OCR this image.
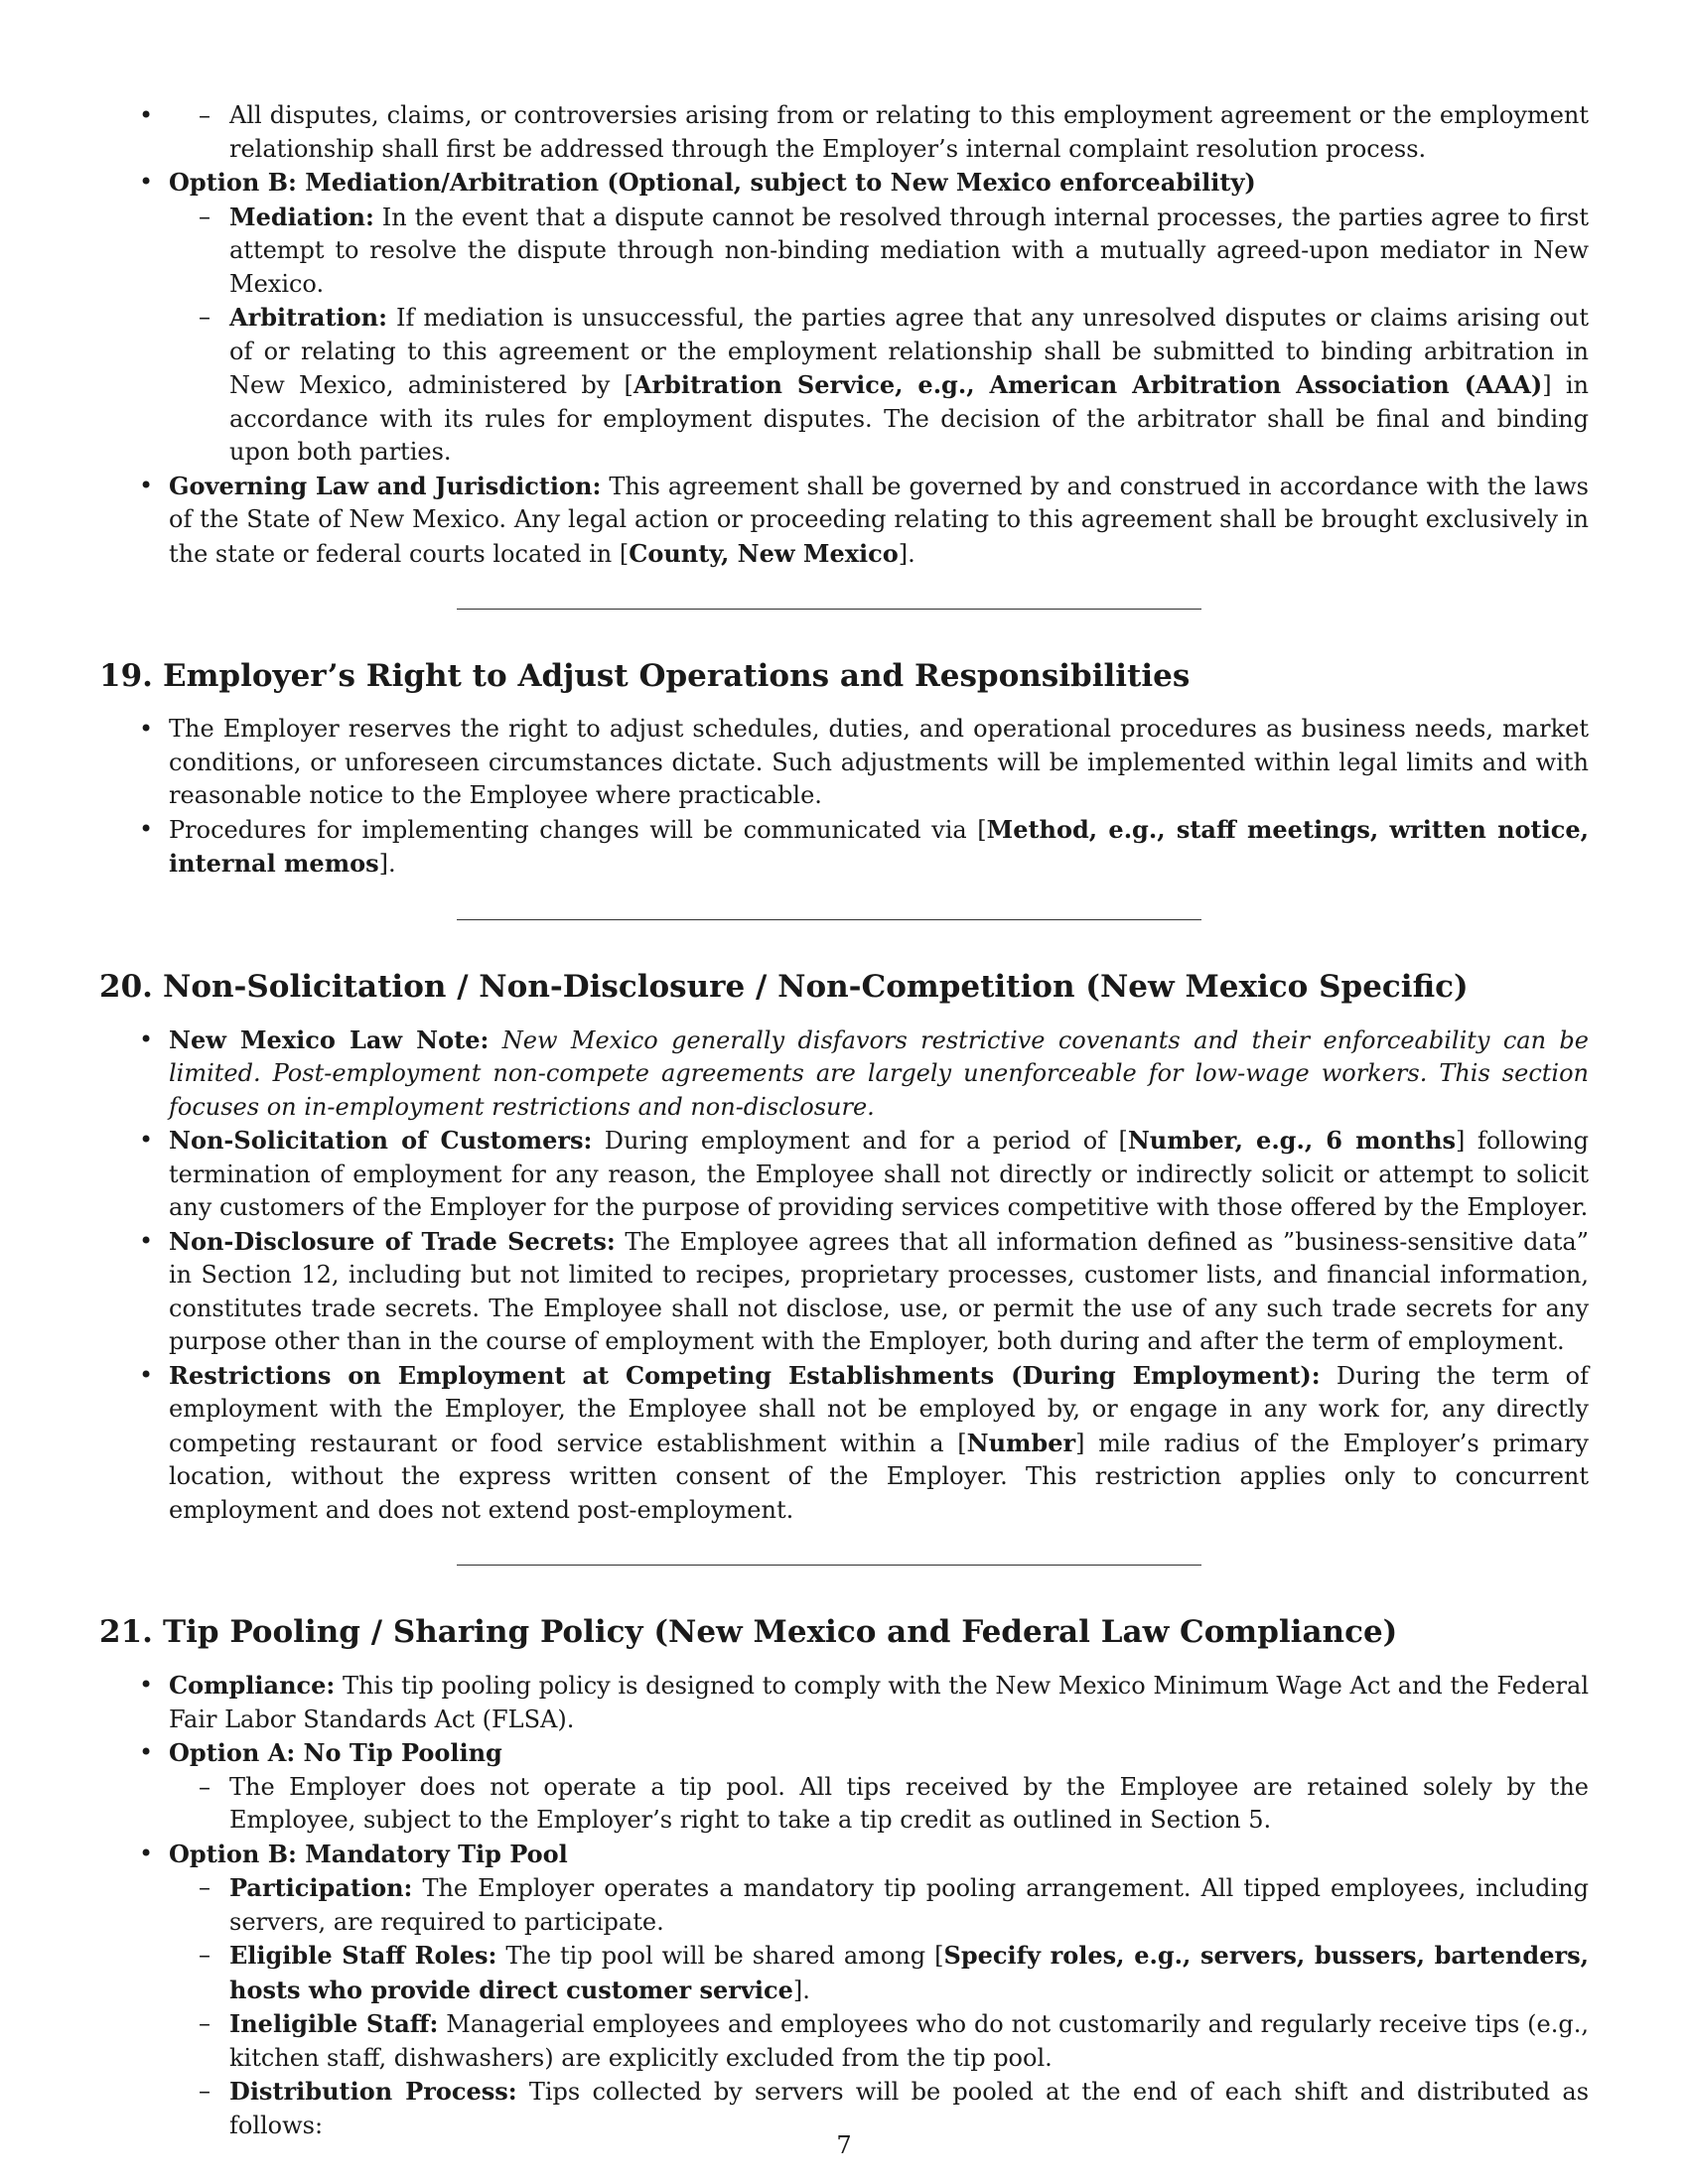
– • All disputes, claims, or controversies arising from or relating to this employment agreement or the employment relationship shall first be addressed through the Employer’s internal complaint resolution process.
• Option B: Mediation/Arbitration (Optional, subject to New Mexico enforceability)
– Mediation: In the event that a dispute cannot be resolved through internal processes, the parties agree to first attempt to resolve the dispute through non-binding mediation with a mutually agreed-upon mediator in New Mexico.
– Arbitration: If mediation is unsuccessful, the parties agree that any unresolved disputes or claims arising out of or relating to this agreement or the employment relationship shall be submitted to binding arbitration in New Mexico, administered by [Arbitration Service, e.g., American Arbitration Association (AAA)] in accordance with its rules for employment disputes. The decision of the arbitrator shall be final and binding upon both parties.
• Governing Law and Jurisdiction: This agreement shall be governed by and construed in accordance with the laws of the State of New Mexico. Any legal action or proceeding relating to this agreement shall be brought exclusively in the state or federal courts located in [County, New Mexico].
19. Employer’s Right to Adjust Operations and Responsibilities
• The Employer reserves the right to adjust schedules, duties, and operational procedures as business needs, market conditions, or unforeseen circumstances dictate. Such adjustments will be implemented within legal limits and with reasonable notice to the Employee where practicable.
• Procedures for implementing changes will be communicated via [Method, e.g., staff meetings, written notice, internal memos].
20. Non-Solicitation / Non-Disclosure / Non-Competition (New Mexico Specific)
• New Mexico Law Note: New Mexico generally disfavors restrictive covenants and their enforceability can be limited. Post-employment non-compete agreements are largely unenforceable for low-wage workers. This section focuses on in-employment restrictions and non-disclosure.
• Non-Solicitation of Customers: During employment and for a period of [Number, e.g., 6 months] following termination of employment for any reason, the Employee shall not directly or indirectly solicit or attempt to solicit any customers of the Employer for the purpose of providing services competitive with those offered by the Employer.
• Non-Disclosure of Trade Secrets: The Employee agrees that all information defined as ”business-sensitive data” in Section 12, including but not limited to recipes, proprietary processes, customer lists, and financial information, constitutes trade secrets. The Employee shall not disclose, use, or permit the use of any such trade secrets for any purpose other than in the course of employment with the Employer, both during and after the term of employment.
• Restrictions on Employment at Competing Establishments (During Employment): During the term of employment with the Employer, the Employee shall not be employed by, or engage in any work for, any directly competing restaurant or food service establishment within a [Number] mile radius of the Employer’s primary location, without the express written consent of the Employer. This restriction applies only to concurrent employment and does not extend post-employment.
21. Tip Pooling / Sharing Policy (New Mexico and Federal Law Compliance)
• Compliance: This tip pooling policy is designed to comply with the New Mexico Minimum Wage Act and the Federal Fair Labor Standards Act (FLSA).
• Option A: No Tip Pooling
– The Employer does not operate a tip pool. All tips received by the Employee are retained solely by the Employee, subject to the Employer’s right to take a tip credit as outlined in Section 5.
• Option B: Mandatory Tip Pool
– Participation: The Employer operates a mandatory tip pooling arrangement. All tipped employees, including servers, are required to participate.
– Eligible Staff Roles: The tip pool will be shared among [Specify roles, e.g., servers, bussers, bartenders, hosts who provide direct customer service].
– Ineligible Staff: Managerial employees and employees who do not customarily and regularly receive tips (e.g., kitchen staff, dishwashers) are explicitly excluded from the tip pool.
– Distribution Process: Tips collected by servers will be pooled at the end of each shift and distributed as follows:
7
